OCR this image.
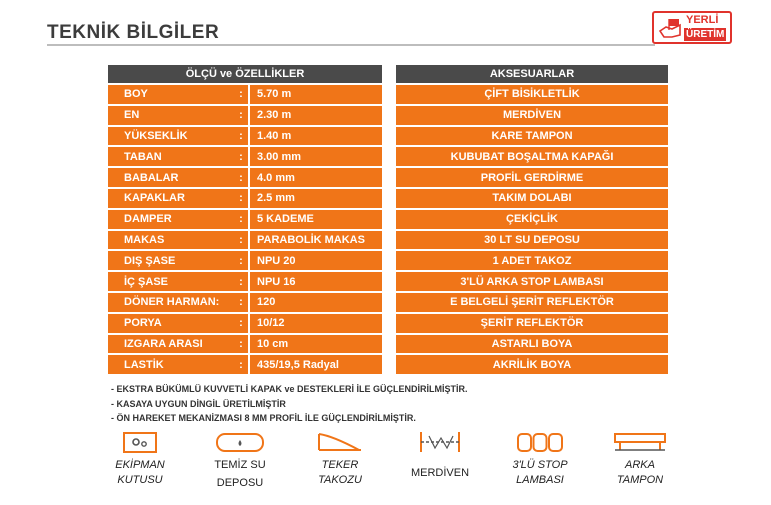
TEKNİK BİLGİLER
YERLİ
ÜRETİM
ÖLÇÜ ve ÖZELLİKLER
BOY	:	5.70 m
EN	:	2.30 m
YÜKSEKLİK	:	1.40 m
TABAN	:	3.00 mm
BABALAR	:	4.0 mm
KAPAKLAR	:	2.5 mm
DAMPER	:	5 KADEME
MAKAS	:	PARABOLİK MAKAS
DIŞ ŞASE	:	NPU 20
İÇ ŞASE	:	NPU 16
DÖNER HARMAN:	:	120
PORYA	:	10/12
IZGARA ARASI	:	10 cm
LASTİK	:	435/19,5 Radyal
AKSESUARLAR
ÇİFT BİSİKLETLİK
MERDİVEN
KARE TAMPON
KUBUBAT BOŞALTMA KAPAĞI
PROFİL GERDİRME
TAKIM DOLABI
ÇEKİÇLİK
30 LT SU DEPOSU
1 ADET TAKOZ
3'LÜ ARKA STOP LAMBASI
E BELGELİ ŞERİT REFLEKTÖR
ŞERİT REFLEKTÖR
ASTARLI BOYA
AKRİLİK BOYA
- EKSTRA BÜKÜMLÜ KUVVETLİ KAPAK ve DESTEKLERİ İLE GÜÇLENDİRİLMİŞTİR.
- KASAYA UYGUN DİNGİL ÜRETİLMİŞTİR
- ÖN HAREKET MEKANİZMASI 8 MM PROFİL İLE GÜÇLENDİRİLMİŞTİR.
EKİPMAN
KUTUSU
TEMİZ SU
DEPOSU
TEKER
TAKOZU
MERDİVEN
3'LÜ STOP
LAMBASI
ARKA
TAMPON
